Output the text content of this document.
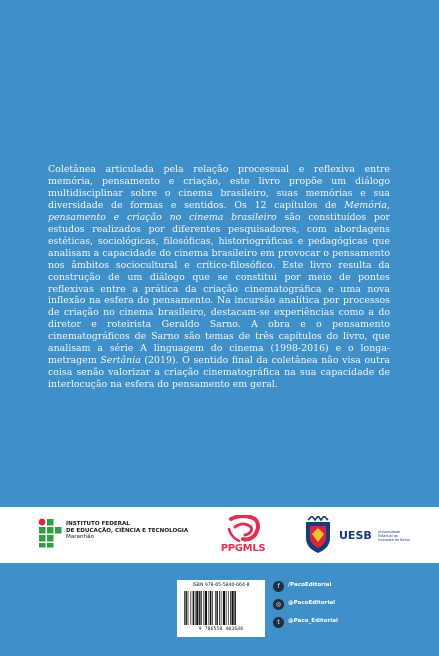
Coletânea articulada pela relação processual e reflexiva entre memória, pensamento e criação, este livro propõe um diálogo multidisciplinar sobre o cinema brasileiro, suas memórias e sua diversidade de formas e sentidos. Os 12 capítulos de Memória, pensamento e criação no cinema brasileiro são constituídos por estudos realizados por diferentes pesquisadores, com abordagens estéticas, sociológicas, filosóficas, historiográficas e pedagógicas que analisam a capacidade do cinema brasileiro em provocar o pensamento nos âmbitos sociocultural e crítico-filosófico. Este livro resulta da construção de um diálogo que se constitui por meio de pontes reflexivas entre a prática da criação cinematográfica e uma nova inflexão na esfera do pensamento. Na incursão analítica por processos de criação no cinema brasileiro, destacam-se experiências como a do diretor e roteirista Geraldo Sarno. A obra e o pensamento cinematográficos de Sarno são temas de três capítulos do livro, que analisam a série A linguagem do cinema (1998-2016) e o longa-metragem Sertânia (2019). O sentido final da coletânea não visa outra coisa senão valorizar a criação cinematográfica na sua capacidade de interlocução na esfera do pensamento em geral.

INSTITUTO FEDERAL
DE EDUCAÇÃO, CIÊNCIA E TECNOLOGIA
Maranhão
PPGMLS
UESB Universidade Estadual do Sudoeste da Bahia
ISBN 978-65-5840-664-8
9 786558 403648
f	/PacoEditorial
◎	@PacoEditorial
t	@Paco_Editorial
